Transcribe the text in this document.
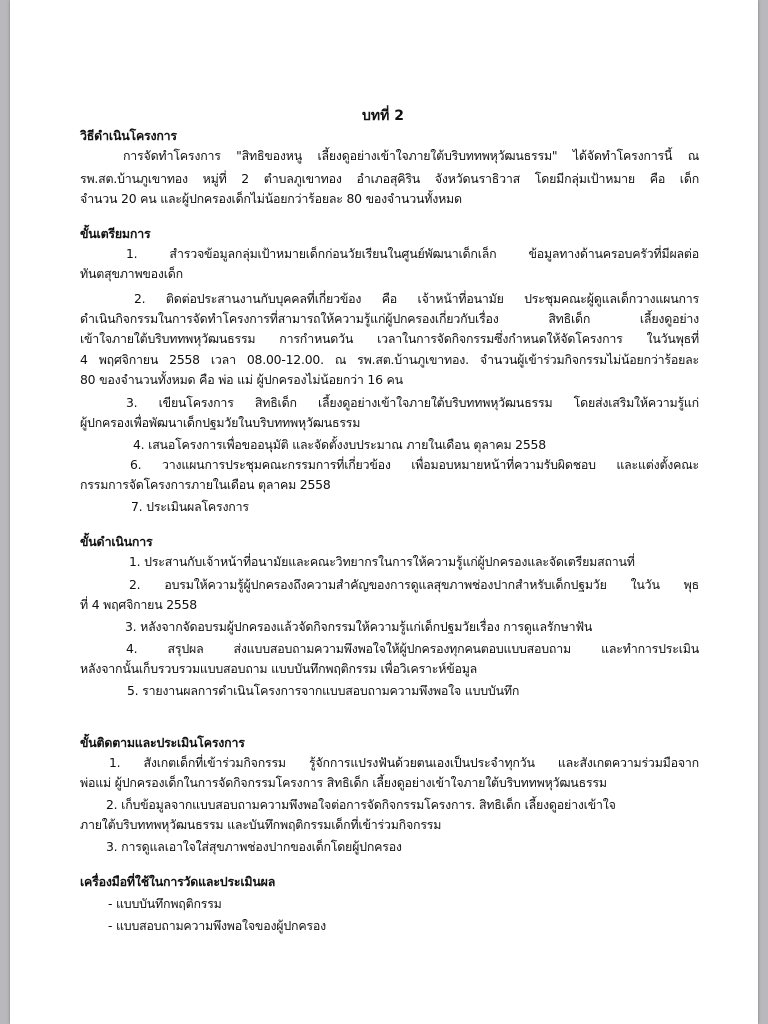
บทที่ 2
วิธีดำเนินโครงการ
การจัดทำโครงการ "สิทธิของหนู เลี้ยงดูอย่างเข้าใจภายใต้บริบททพหุวัฒนธรรม" ได้จัดทำโครงการนี้ ณ
รพ.สต.บ้านภูเขาทอง หมู่ที่ 2 ตำบลภูเขาทอง อำเภอสุคิริน จังหวัดนราธิวาส โดยมีกลุ่มเป้าหมาย คือ เด็ก
จำนวน 20 คน และผู้ปกครองเด็กไม่น้อยกว่าร้อยละ 80 ของจำนวนทั้งหมด
ขั้นเตรียมการ
1. สำรวจข้อมูลกลุ่มเป้าหมายเด็กก่อนวัยเรียนในศูนย์พัฒนาเด็กเล็ก ข้อมูลทางด้านครอบครัวที่มีผลต่อ
ทันตสุขภาพของเด็ก
2. ติดต่อประสานงานกับบุคคลที่เกี่ยวข้อง คือ เจ้าหน้าที่อนามัย ประชุมคณะผู้ดูแลเด็กวางแผนการ
ดำเนินกิจกรรมในการจัดทำโครงการที่สามารถให้ความรู้แก่ผู้ปกครองเกี่ยวกับเรื่อง สิทธิเด็ก เลี้ยงดูอย่าง
เข้าใจภายใต้บริบททพหุวัฒนธรรม การกำหนดวัน เวลาในการจัดกิจกรรมซึ่งกำหนดให้จัดโครงการ ในวันพุธที่
4 พฤศจิกายน 2558 เวลา 08.00-12.00. ณ รพ.สต.บ้านภูเขาทอง. จำนวนผู้เข้าร่วมกิจกรรมไม่น้อยกว่าร้อยละ
80 ของจำนวนทั้งหมด คือ พ่อ แม่ ผู้ปกครองไม่น้อยกว่า 16 คน
3. เขียนโครงการ สิทธิเด็ก เลี้ยงดูอย่างเข้าใจภายใต้บริบททพหุวัฒนธรรม โดยส่งเสริมให้ความรู้แก่
ผู้ปกครองเพื่อพัฒนาเด็กปฐมวัยในบริบททพหุวัฒนธรรม
4. เสนอโครงการเพื่อขออนุมัติ และจัดตั้งงบประมาณ ภายในเดือน ตุลาคม 2558
6. วางแผนการประชุมคณะกรรมการที่เกี่ยวข้อง เพื่อมอบหมายหน้าที่ความรับผิดชอบ และแต่งตั้งคณะ
กรรมการจัดโครงการภายในเดือน ตุลาคม 2558
7. ประเมินผลโครงการ
ขั้นดำเนินการ
1. ประสานกับเจ้าหน้าที่อนามัยและคณะวิทยากรในการให้ความรู้แก่ผู้ปกครองและจัดเตรียมสถานที่
2. อบรมให้ความรู้ผู้ปกครองถึงความสำคัญของการดูแลสุขภาพช่องปากสำหรับเด็กปฐมวัย ในวัน พุธ
ที่ 4 พฤศจิกายน 2558
3. หลังจากจัดอบรมผู้ปกครองแล้วจัดกิจกรรมให้ความรู้แก่เด็กปฐมวัยเรื่อง การดูแลรักษาฟัน
4. สรุปผล ส่งแบบสอบถามความพึงพอใจให้ผู้ปกครองทุกคนตอบแบบสอบถาม และทำการประเมิน
หลังจากนั้นเก็บรวบรวมแบบสอบถาม แบบบันทึกพฤติกรรม เพื่อวิเคราะห์ข้อมูล
5. รายงานผลการดำเนินโครงการจากแบบสอบถามความพึงพอใจ แบบบันทึก
ขั้นติดตามและประเมินโครงการ
1. สังเกตเด็กที่เข้าร่วมกิจกรรม รู้จักการแปรงฟันด้วยตนเองเป็นประจำทุกวัน และสังเกตความร่วมมือจาก
พ่อแม่ ผู้ปกครองเด็กในการจัดกิจกรรมโครงการ สิทธิเด็ก เลี้ยงดูอย่างเข้าใจภายใต้บริบททพหุวัฒนธรรม
2. เก็บข้อมูลจากแบบสอบถามความพึงพอใจต่อการจัดกิจกรรมโครงการ. สิทธิเด็ก เลี้ยงดูอย่างเข้าใจ
ภายใต้บริบททพหุวัฒนธรรม และบันทึกพฤติกรรมเด็กที่เข้าร่วมกิจกรรม
3. การดูแลเอาใจใส่สุขภาพช่องปากของเด็กโดยผู้ปกครอง
เครื่องมือที่ใช้ในการวัดและประเมินผล
- แบบบันทึกพฤติกรรม
- แบบสอบถามความพึงพอใจของผู้ปกครอง
